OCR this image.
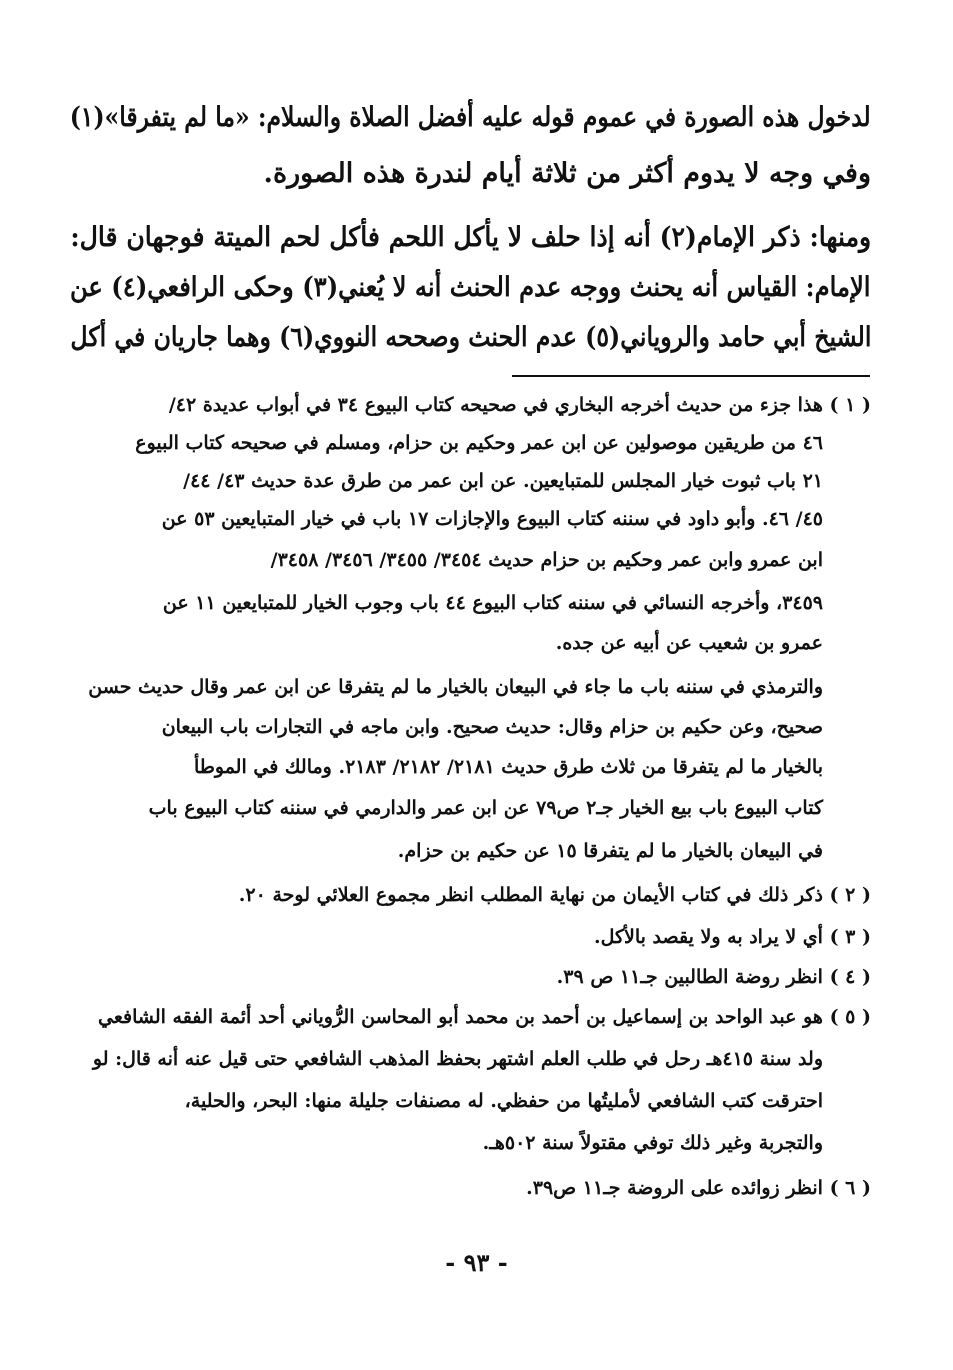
لدخول هذه الصورة في عموم قوله عليه أفضل الصلاة والسلام: «ما لم يتفرقا»(١)
وفي وجه لا يدوم أكثر من ثلاثة أيام لندرة هذه الصورة.
ومنها: ذكر الإمام(٢) أنه إذا حلف لا يأكل اللحم فأكل لحم الميتة فوجهان قال:
الإمام: القياس أنه يحنث ووجه عدم الحنث أنه لا يُعني(٣) وحكى الرافعي(٤) عن
الشيخ أبي حامد والروياني(٥) عدم الحنث وصححه النووي(٦) وهما جاريان في أكل
( ١ ) هذا جزء من حديث أخرجه البخاري في صحيحه كتاب البيوع ٣٤ في أبواب عديدة ٤٢/
٤٦ من طريقين موصولين عن ابن عمر وحكيم بن حزام، ومسلم في صحيحه كتاب البيوع
٢١ باب ثبوت خيار المجلس للمتبايعين. عن ابن عمر من طرق عدة حديث ٤٣/ ٤٤/
٤٥/ ٤٦. وأبو داود في سننه كتاب البيوع والإجازات ١٧ باب في خيار المتبايعين ٥٣ عن
ابن عمرو وابن عمر وحكيم بن حزام حديث ٣٤٥٤/ ٣٤٥٥/ ٣٤٥٦/ ٣٤٥٨/
٣٤٥٩، وأخرجه النسائي في سننه كتاب البيوع ٤٤ باب وجوب الخيار للمتبايعين ١١ عن
عمرو بن شعيب عن أبيه عن جده.
والترمذي في سننه باب ما جاء في البيعان بالخيار ما لم يتفرقا عن ابن عمر وقال حديث حسن
صحيح، وعن حكيم بن حزام وقال: حديث صحيح. وابن ماجه في التجارات باب البيعان
بالخيار ما لم يتفرقا من ثلاث طرق حديث ٢١٨١/ ٢١٨٢/ ٢١٨٣. ومالك في الموطأ
كتاب البيوع باب بيع الخيار جـ٢ ص٧٩ عن ابن عمر والدارمي في سننه كتاب البيوع باب
في البيعان بالخيار ما لم يتفرقا ١٥ عن حكيم بن حزام.
( ٢ ) ذكر ذلك في كتاب الأيمان من نهاية المطلب انظر مجموع العلائي لوحة ٢٠.
( ٣ ) أي لا يراد به ولا يقصد بالأكل.
( ٤ ) انظر روضة الطالبين جـ١١ ص ٣٩.
( ٥ ) هو عبد الواحد بن إسماعيل بن أحمد بن محمد أبو المحاسن الرُّوياني أحد أئمة الفقه الشافعي
ولد سنة ٤١٥هـ رحل في طلب العلم اشتهر بحفظ المذهب الشافعي حتى قيل عنه أنه قال: لو
احترقت كتب الشافعي لأمليتُها من حفظي. له مصنفات جليلة منها: البحر، والحلية،
والتجربة وغير ذلك توفي مقتولاً سنة ٥٠٢هـ.
( ٦ ) انظر زوائده على الروضة جـ١١ ص٣٩.
- ٩٣ -
